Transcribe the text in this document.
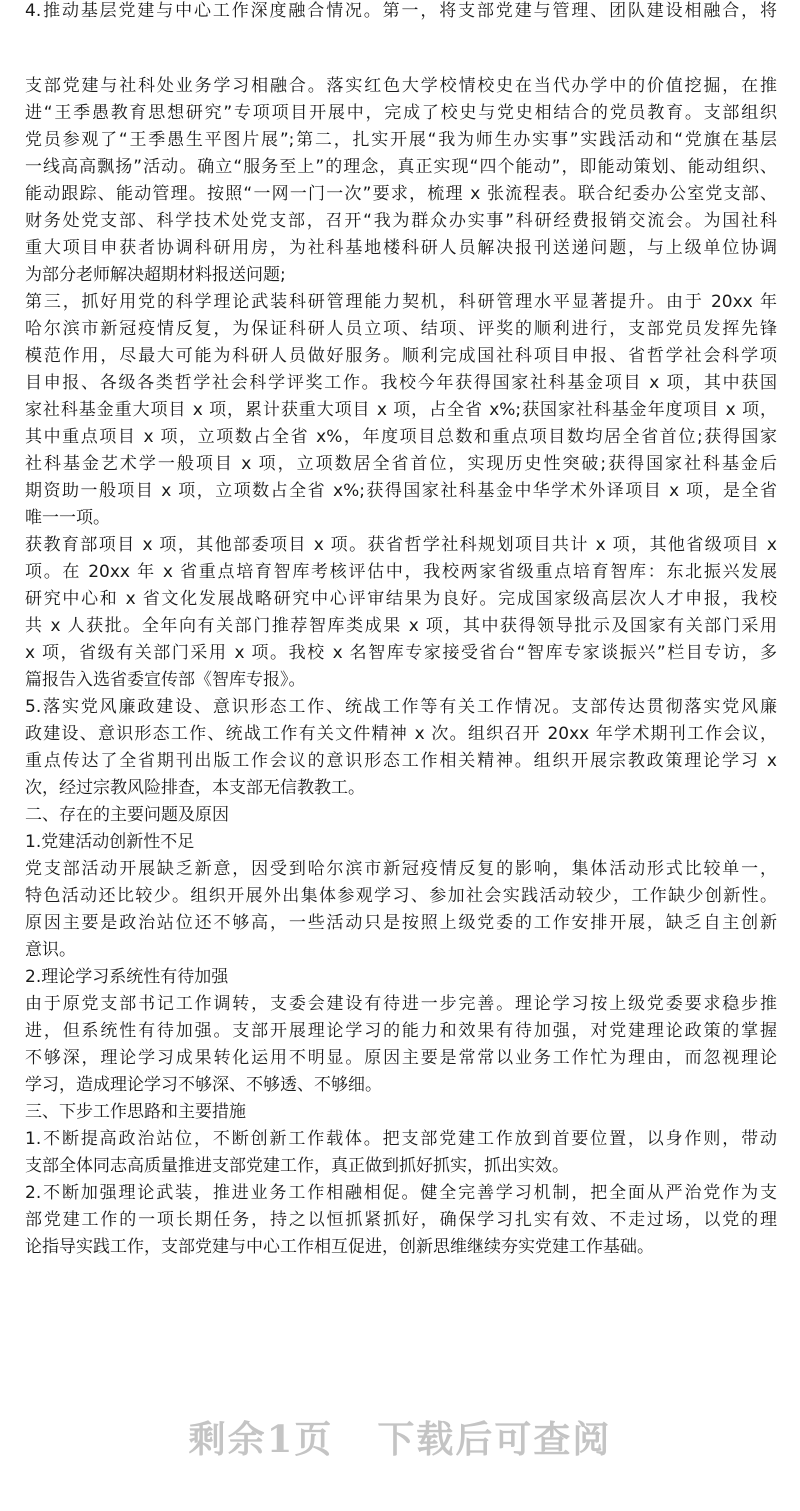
4.推动基层党建与中心工作深度融合情况。第一，将支部党建与管理、团队建设相融合，将
支部党建与社科处业务学习相融合。落实红色大学校情校史在当代办学中的价值挖掘，在推
进“王季愚教育思想研究”专项项目开展中，完成了校史与党史相结合的党员教育。支部组织
党员参观了“王季愚生平图片展”;第二，扎实开展“我为师生办实事”实践活动和“党旗在基层
一线高高飘扬”活动。确立“服务至上”的理念，真正实现“四个能动”，即能动策划、能动组织、
能动跟踪、能动管理。按照“一网一门一次”要求，梳理 x 张流程表。联合纪委办公室党支部、
财务处党支部、科学技术处党支部，召开“我为群众办实事”科研经费报销交流会。为国社科
重大项目申获者协调科研用房，为社科基地楼科研人员解决报刊送递问题，与上级单位协调
为部分老师解决超期材料报送问题;
第三，抓好用党的科学理论武装科研管理能力契机，科研管理水平显著提升。由于 20xx 年
哈尔滨市新冠疫情反复，为保证科研人员立项、结项、评奖的顺利进行，支部党员发挥先锋
模范作用，尽最大可能为科研人员做好服务。顺利完成国社科项目申报、省哲学社会科学项
目申报、各级各类哲学社会科学评奖工作。我校今年获得国家社科基金项目 x 项，其中获国
家社科基金重大项目 x 项，累计获重大项目 x 项，占全省 x%;获国家社科基金年度项目 x 项，
其中重点项目 x 项，立项数占全省 x%，年度项目总数和重点项目数均居全省首位;获得国家
社科基金艺术学一般项目 x 项，立项数居全省首位，实现历史性突破;获得国家社科基金后
期资助一般项目 x 项，立项数占全省 x%;获得国家社科基金中华学术外译项目 x 项，是全省
唯一一项。
获教育部项目 x 项，其他部委项目 x 项。获省哲学社科规划项目共计 x 项，其他省级项目 x
项。在 20xx 年 x 省重点培育智库考核评估中，我校两家省级重点培育智库：东北振兴发展
研究中心和 x 省文化发展战略研究中心评审结果为良好。完成国家级高层次人才申报，我校
共 x 人获批。全年向有关部门推荐智库类成果 x 项，其中获得领导批示及国家有关部门采用
x 项，省级有关部门采用 x 项。我校 x 名智库专家接受省台“智库专家谈振兴”栏目专访，多
篇报告入选省委宣传部《智库专报》。
5.落实党风廉政建设、意识形态工作、统战工作等有关工作情况。支部传达贯彻落实党风廉
政建设、意识形态工作、统战工作有关文件精神 x 次。组织召开 20xx 年学术期刊工作会议，
重点传达了全省期刊出版工作会议的意识形态工作相关精神。组织开展宗教政策理论学习 x
次，经过宗教风险排查，本支部无信教教工。
二、存在的主要问题及原因
1.党建活动创新性不足
党支部活动开展缺乏新意，因受到哈尔滨市新冠疫情反复的影响，集体活动形式比较单一，
特色活动还比较少。组织开展外出集体参观学习、参加社会实践活动较少，工作缺少创新性。
原因主要是政治站位还不够高，一些活动只是按照上级党委的工作安排开展，缺乏自主创新
意识。
2.理论学习系统性有待加强
由于原党支部书记工作调转，支委会建设有待进一步完善。理论学习按上级党委要求稳步推
进，但系统性有待加强。支部开展理论学习的能力和效果有待加强，对党建理论政策的掌握
不够深，理论学习成果转化运用不明显。原因主要是常常以业务工作忙为理由，而忽视理论
学习，造成理论学习不够深、不够透、不够细。
三、下步工作思路和主要措施
1.不断提高政治站位，不断创新工作载体。把支部党建工作放到首要位置，以身作则，带动
支部全体同志高质量推进支部党建工作，真正做到抓好抓实，抓出实效。
2.不断加强理论武装，推进业务工作相融相促。健全完善学习机制，把全面从严治党作为支
部党建工作的一项长期任务，持之以恒抓紧抓好，确保学习扎实有效、不走过场，以党的理
论指导实践工作，支部党建与中心工作相互促进，创新思维继续夯实党建工作基础。
剩余1页 下载后可查阅
